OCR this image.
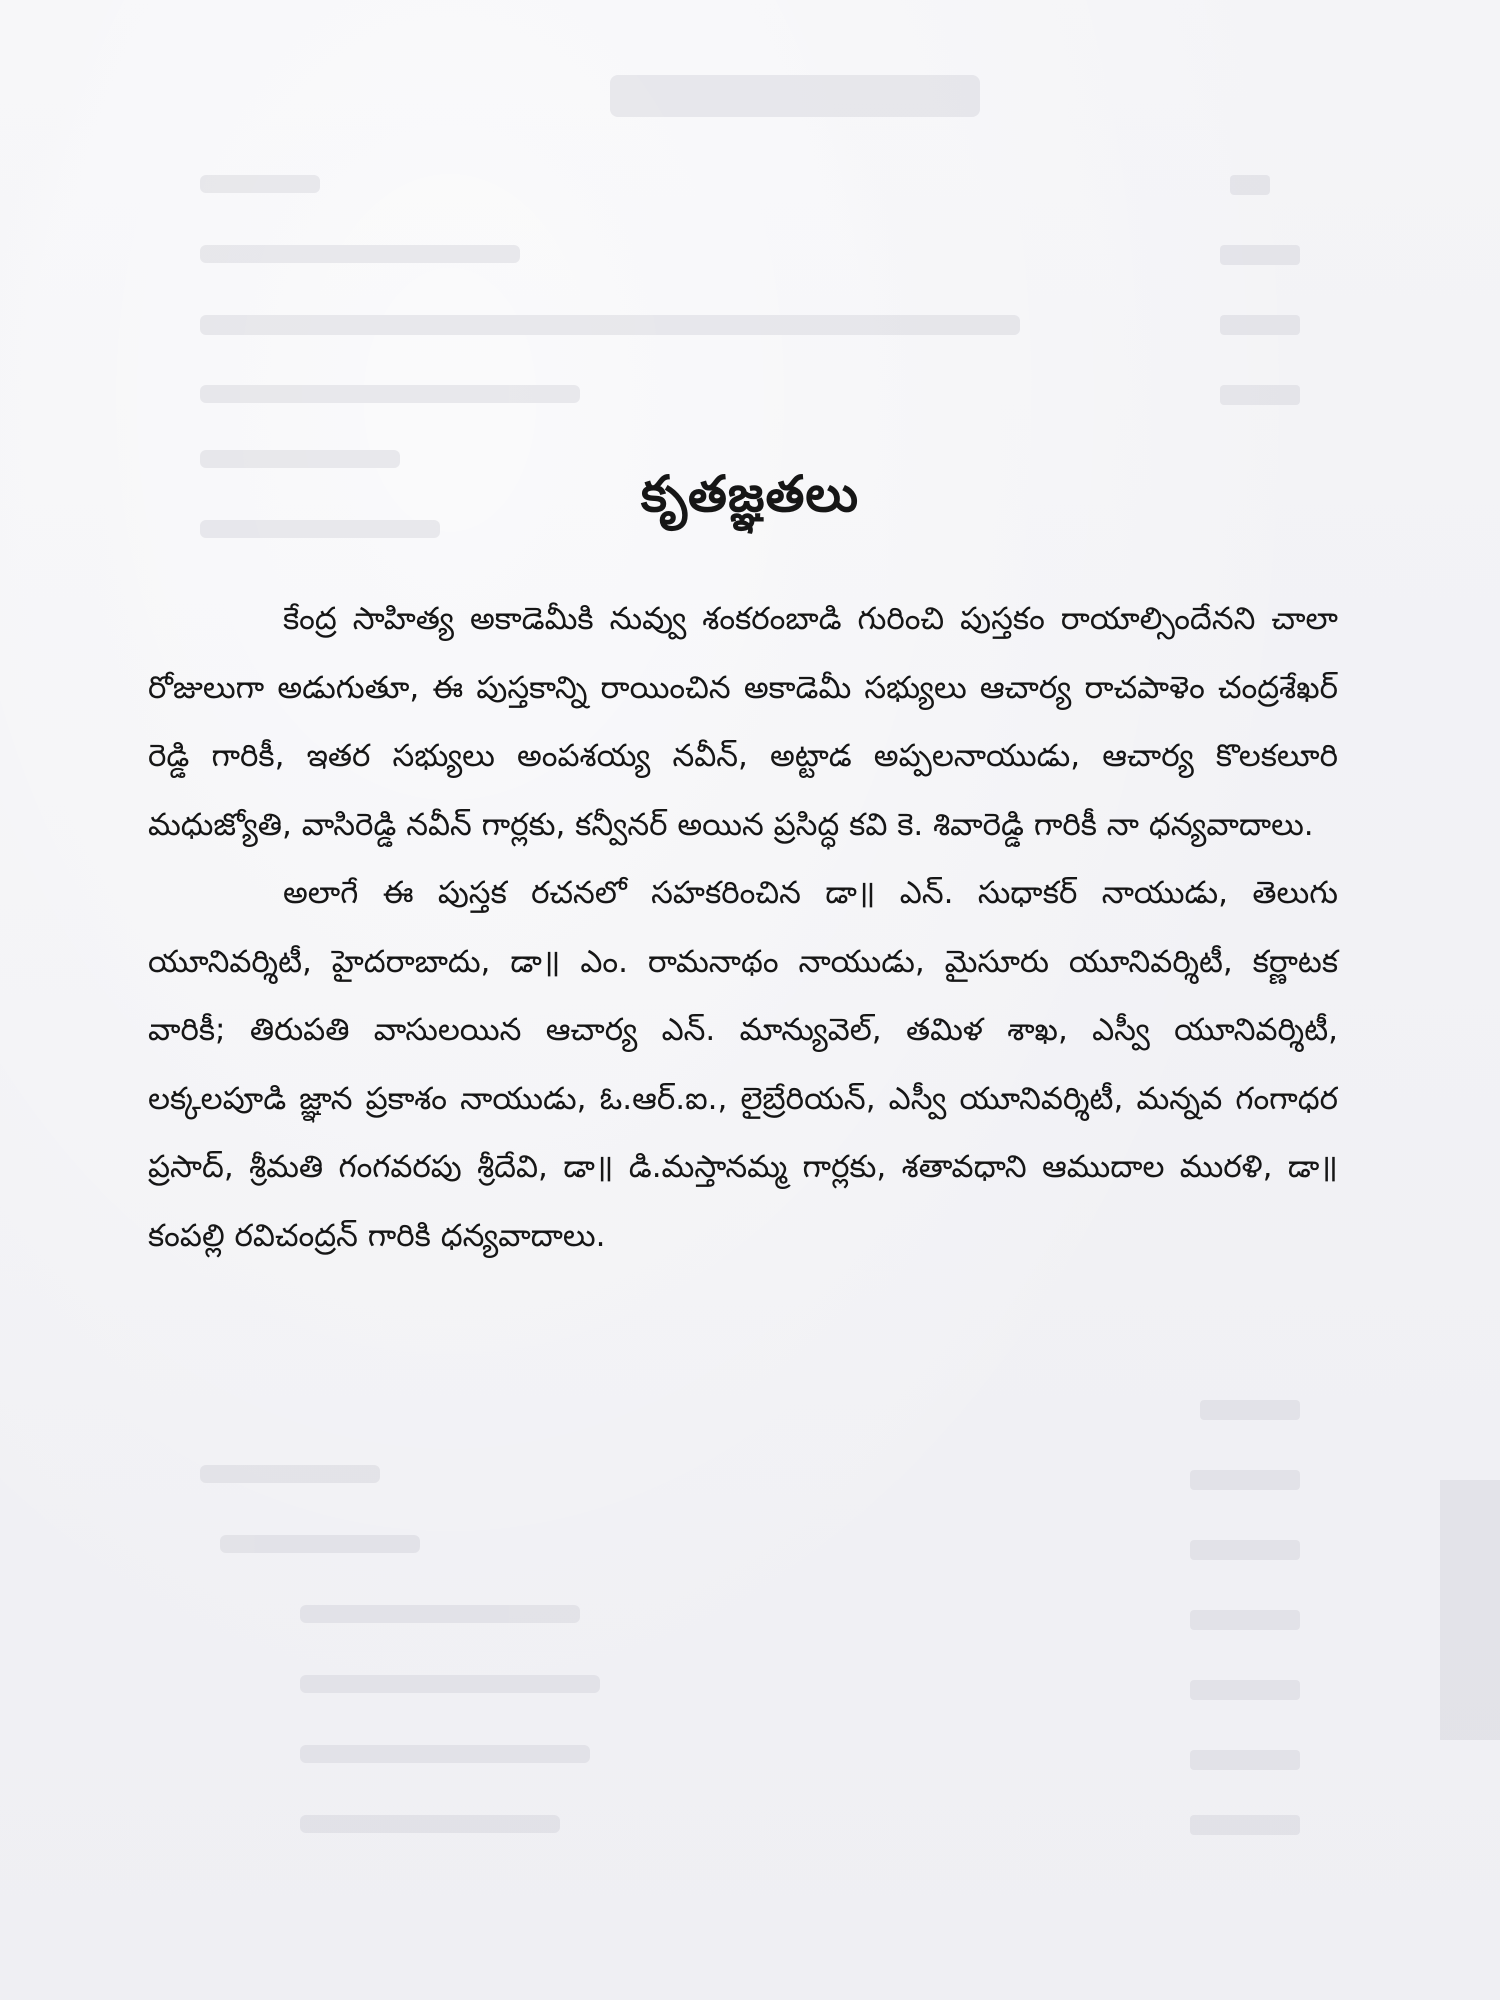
కృతజ్ఞతలు

కేంద్ర సాహిత్య అకాడెమీకి నువ్వు శంకరంబాడి గురించి పుస్తకం రాయాల్సిందేనని చాలా రోజులుగా అడుగుతూ, ఈ పుస్తకాన్ని రాయించిన అకాడెమీ సభ్యులు ఆచార్య రాచపాళెం చంద్రశేఖర్ రెడ్డి గారికీ, ఇతర సభ్యులు అంపశయ్య నవీన్, అట్టాడ అప్పలనాయుడు, ఆచార్య కొలకలూరి మధుజ్యోతి, వాసిరెడ్డి నవీన్ గార్లకు, కన్వీనర్ అయిన ప్రసిద్ధ కవి కె. శివారెడ్డి గారికీ నా ధన్యవాదాలు.

అలాగే ఈ పుస్తక రచనలో సహకరించిన డా॥ ఎన్. సుధాకర్ నాయుడు, తెలుగు యూనివర్శిటీ, హైదరాబాదు, డా॥ ఎం. రామనాథం నాయుడు, మైసూరు యూనివర్శిటీ, కర్ణాటక వారికీ; తిరుపతి వాసులయిన ఆచార్య ఎన్. మాన్యువెల్, తమిళ శాఖ, ఎస్వీ యూనివర్శిటీ, లక్కలపూడి జ్ఞాన ప్రకాశం నాయుడు, ఓ.ఆర్.ఐ., లైబ్రేరియన్, ఎస్వీ యూనివర్శిటీ, మన్నవ గంగాధర ప్రసాద్, శ్రీమతి గంగవరపు శ్రీదేవి, డా॥ డి.మస్తానమ్మ గార్లకు, శతావధాని ఆముదాల మురళి, డా॥ కంపల్లి రవిచంద్రన్ గారికి ధన్యవాదాలు.
